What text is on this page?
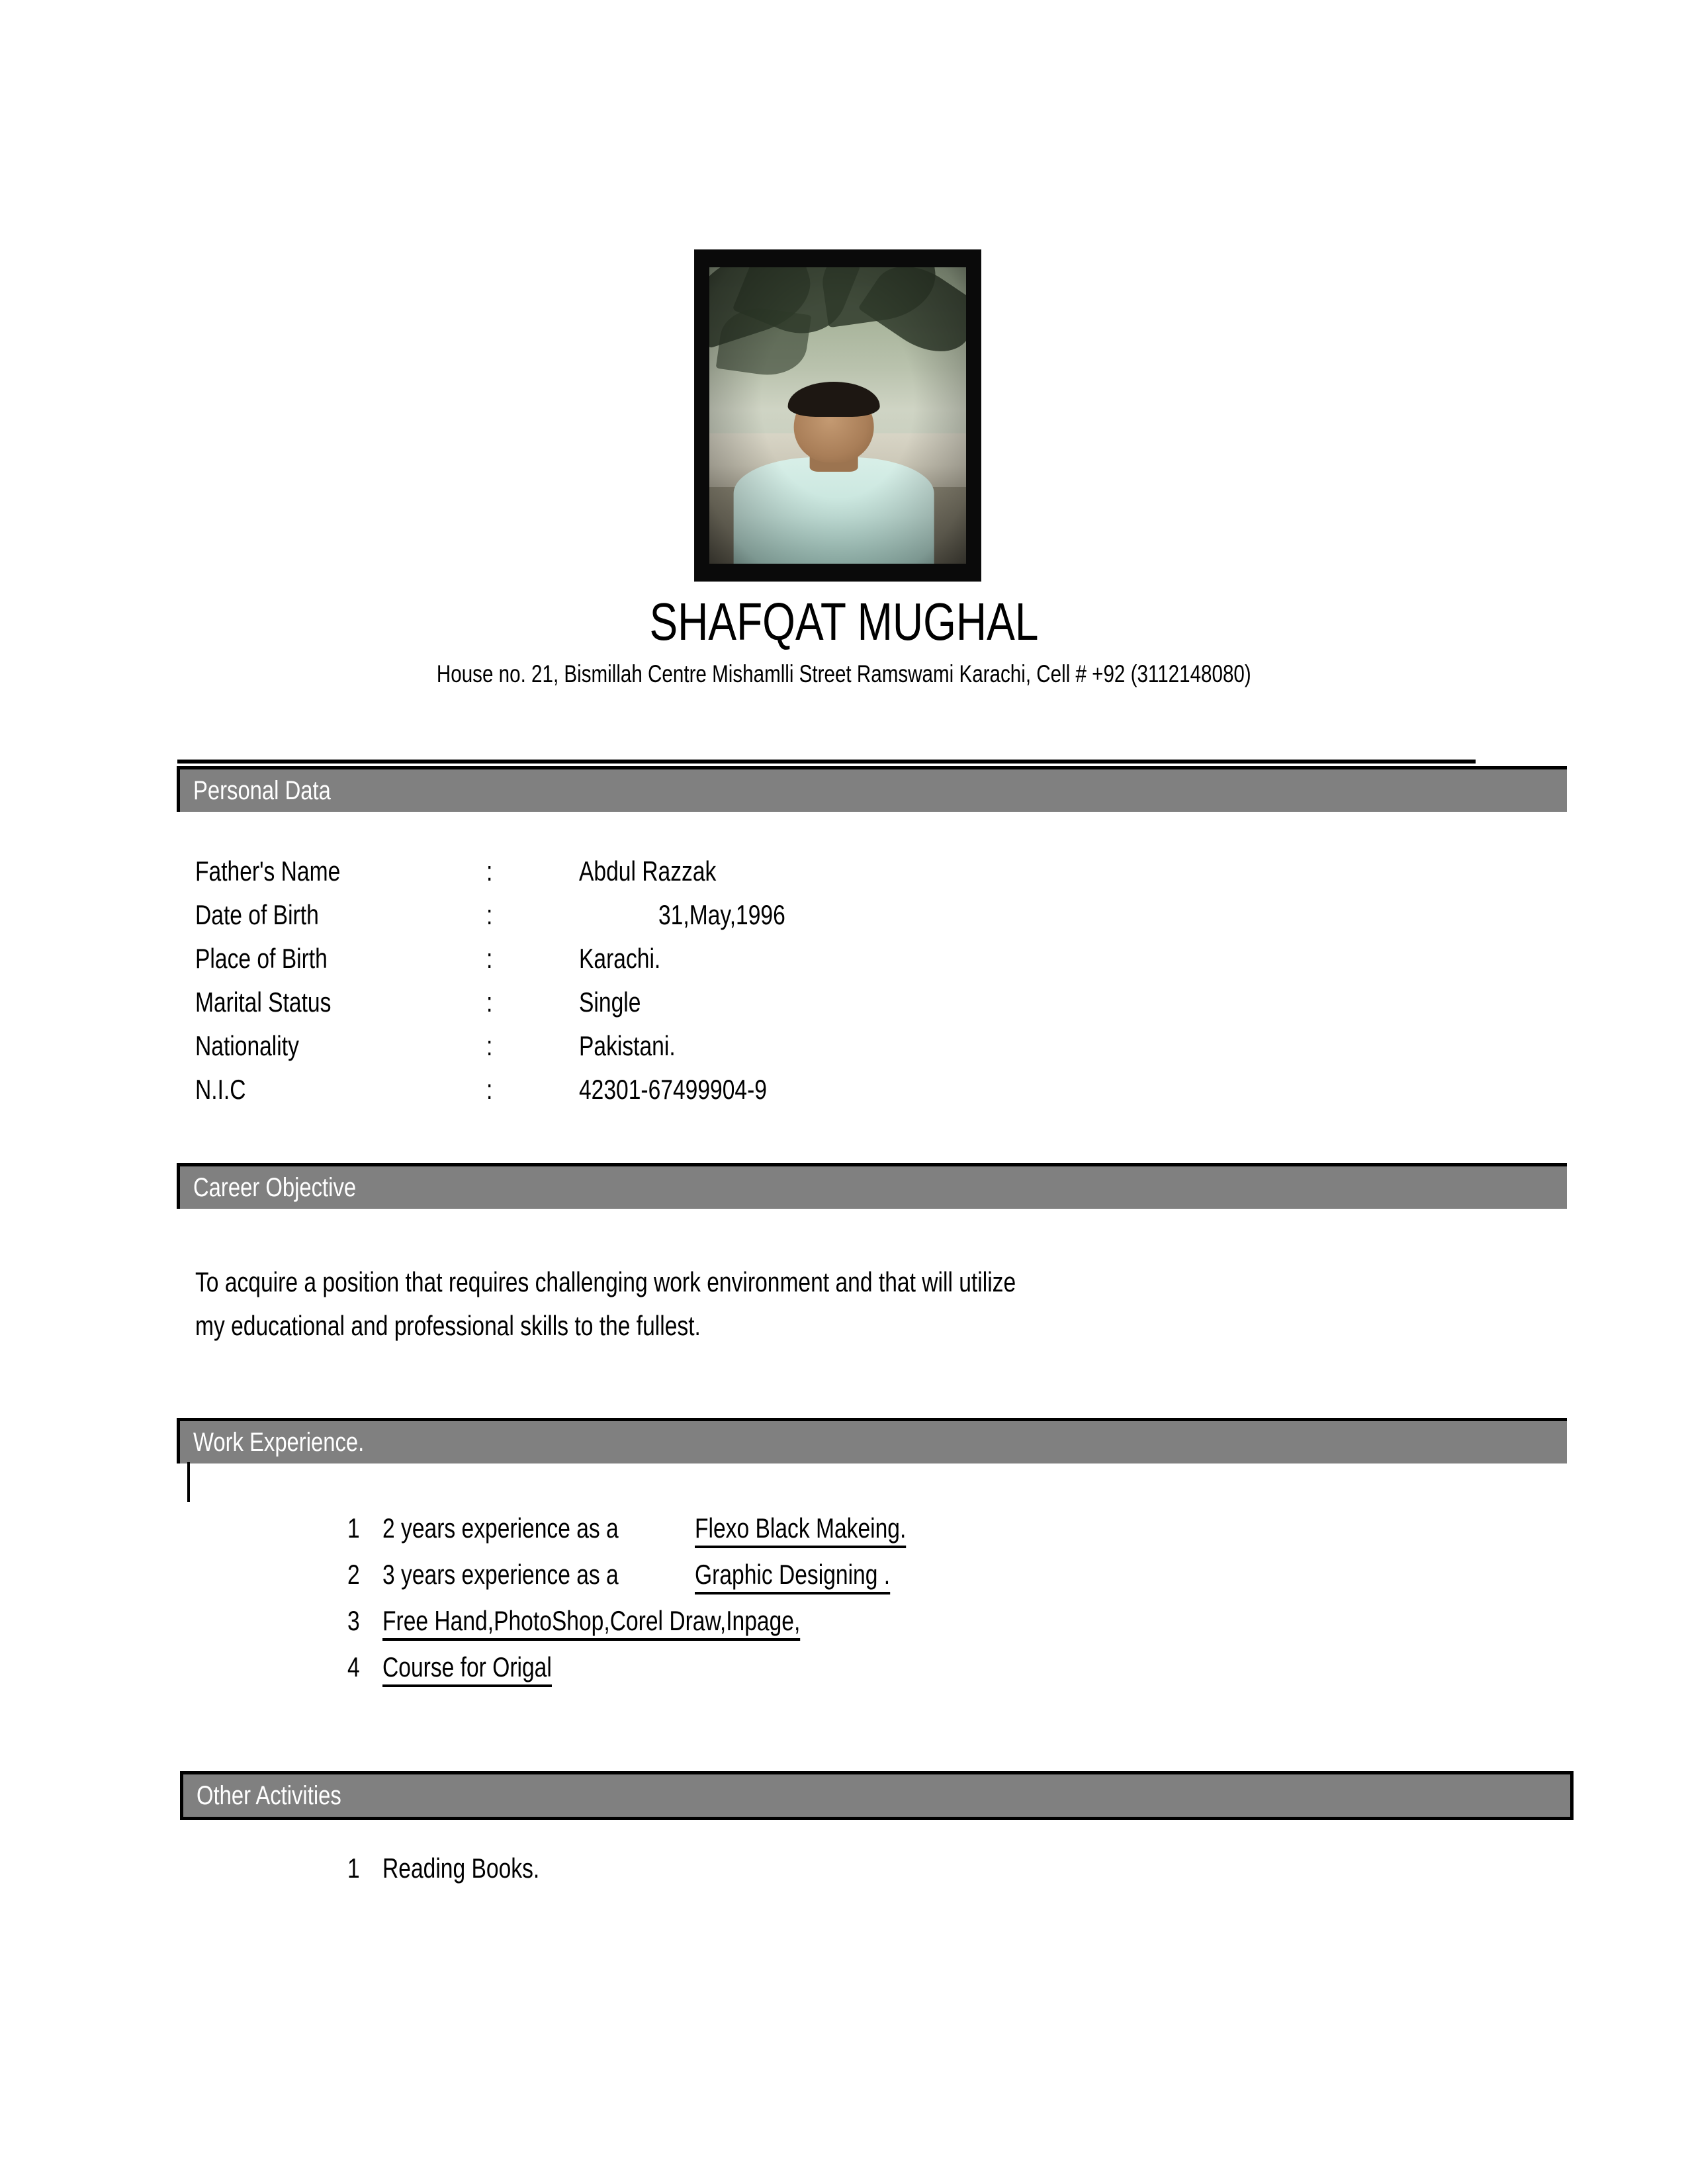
SHAFQAT MUGHAL
House no. 21, Bismillah Centre Mishamlli Street Ramswami Karachi, Cell # +92 (3112148080)
Personal Data
Father's Name	:	Abdul Razzak
Date of Birth	:	31,May,1996
Place of Birth	:	Karachi.
Marital Status	:	Single
Nationality	:	Pakistani.
N.I.C	:	42301-67499904-9
Career Objective
To acquire a position that requires challenging work environment and that will utilize
my educational and professional skills to the fullest.
Work Experience.
1 2 years experience as a	Flexo Black Makeing.
2 3 years experience as a	Graphic Designing .
3 Free Hand,PhotoShop,Corel Draw,Inpage,
4 Course for Origal
Other Activities
1 Reading Books.
